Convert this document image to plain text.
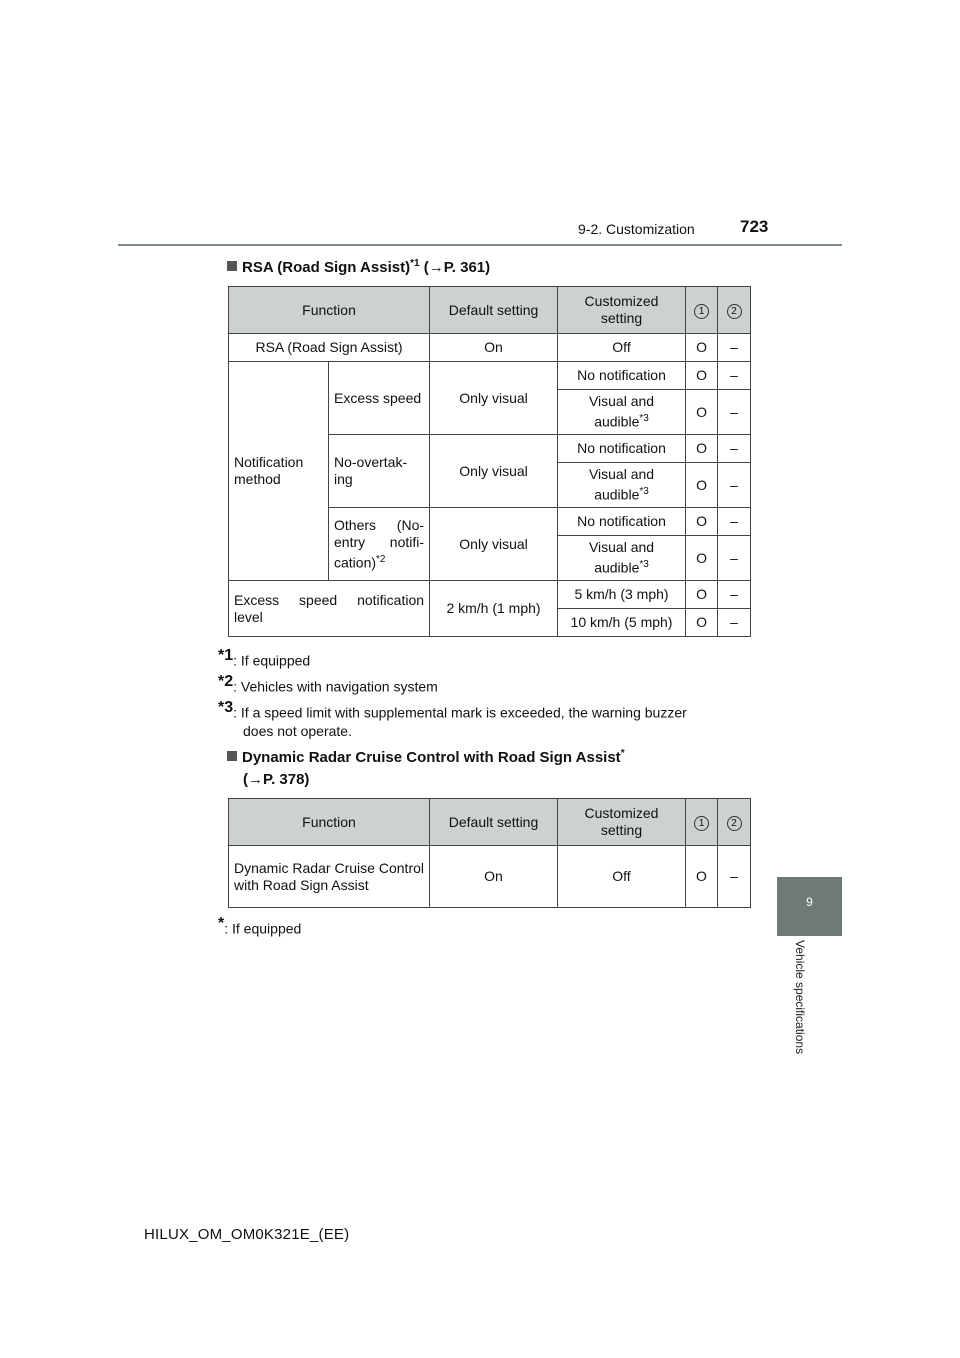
9-2. Customization	723
9
Vehicle specifications
RSA (Road Sign Assist)$^{*1}$ (→P. 361)
Function		Default setting	Customized setting	1	2
RSA (Road Sign Assist)		On	Off	O	–
Notification method	Excess speed	Only visual	No notification	O	–
			Visual and audible$^{*3}$	O	–
	No-overtak-ing	Only visual	No notification	O	–
			Visual and audible$^{*3}$	O	–
	Others (No-entry notifi-cation)$^{*2}$	Only visual	No notification	O	–
			Visual and audible$^{*3}$	O	–
Excess speed notification level		2 km/h (1 mph)	5 km/h (3 mph)	O	–
			10 km/h (5 mph)	O	–
$^{*1}$: If equipped
$^{*2}$: Vehicles with navigation system
$^{*3}$: If a speed limit with supplemental mark is exceeded, the warning buzzer
does not operate.
Dynamic Radar Cruise Control with Road Sign Assist*
(→P. 378)
Function	Default setting	Customized setting	1	2
Dynamic Radar Cruise Control with Road Sign Assist	On	Off	O	–
*: If equipped
HILUX_OM_OM0K321E_(EE)
